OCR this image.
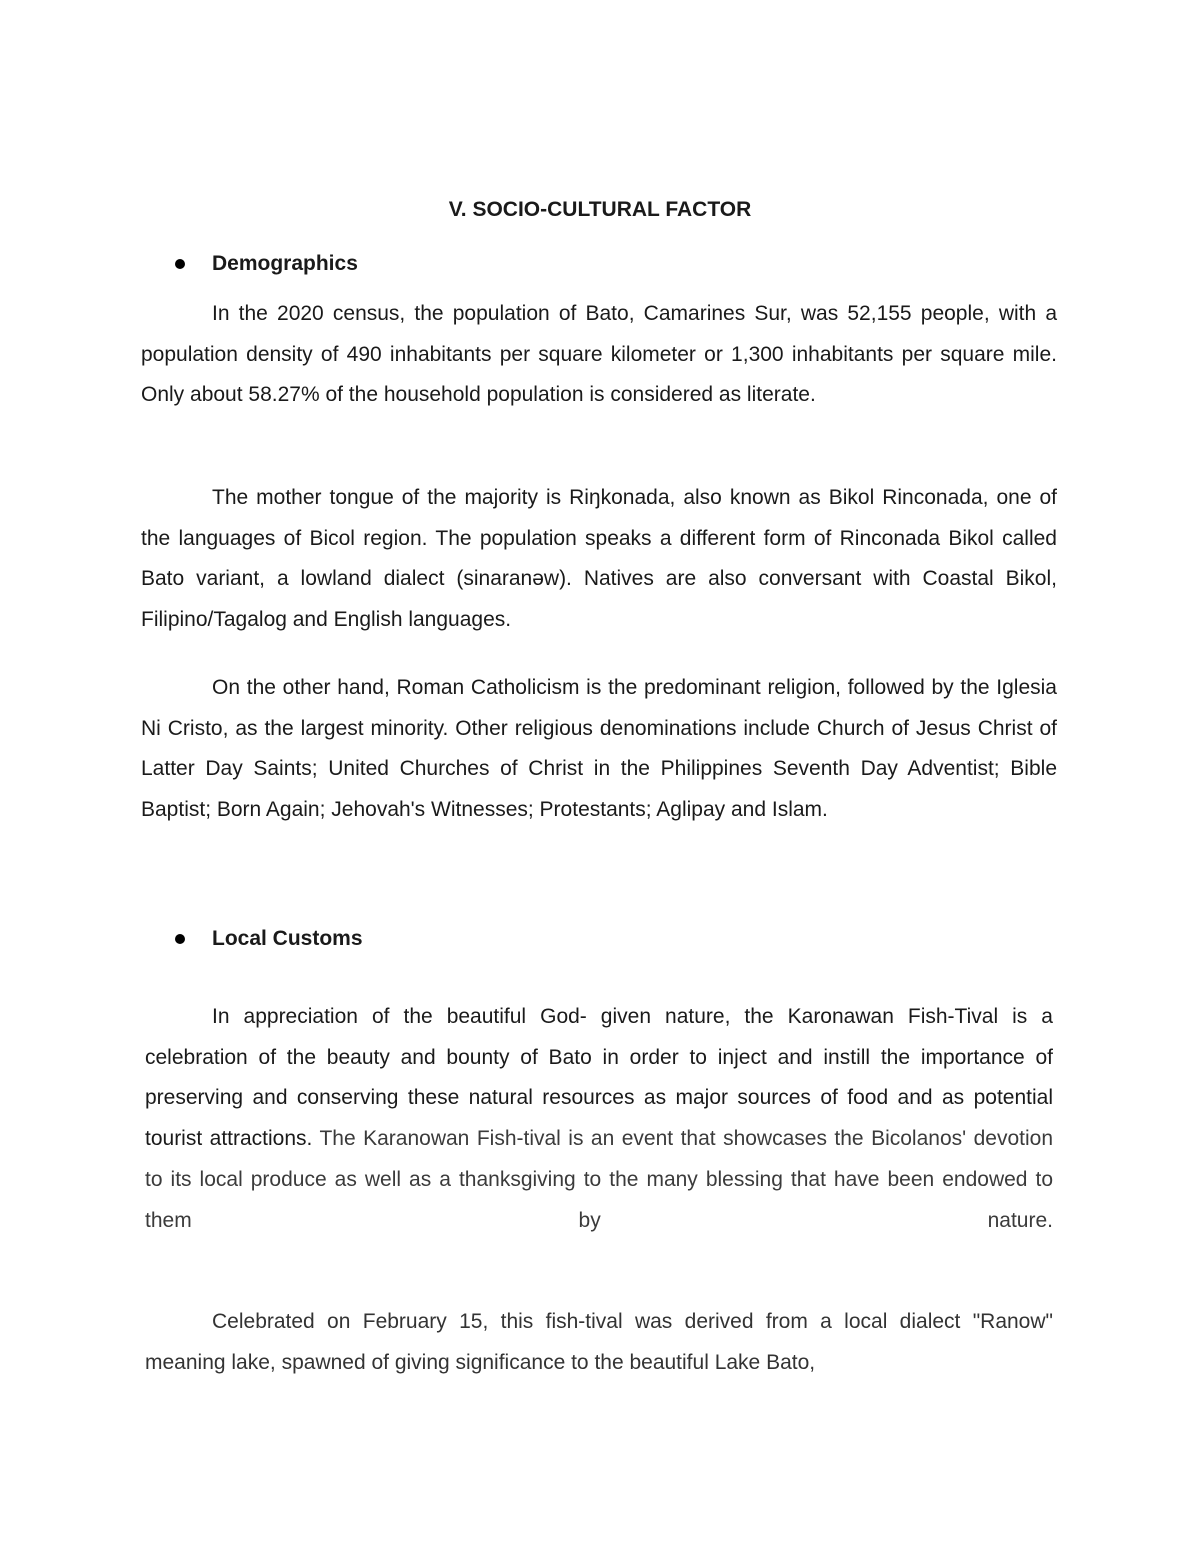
V. SOCIO-CULTURAL FACTOR
Demographics

In the 2020 census, the population of Bato, Camarines Sur, was 52,155 people, with a population density of 490 inhabitants per square kilometer or 1,300 inhabitants per square mile. Only about 58.27% of the household population is considered as literate.

The mother tongue of the majority is Riŋkonada, also known as Bikol Rinconada, one of the languages of Bicol region. The population speaks a different form of Rinconada Bikol called Bato variant, a lowland dialect (sinaranəw). Natives are also conversant with Coastal Bikol, Filipino/Tagalog and English languages.

On the other hand, Roman Catholicism is the predominant religion, followed by the Iglesia Ni Cristo, as the largest minority. Other religious denominations include Church of Jesus Christ of Latter Day Saints; United Churches of Christ in the Philippines Seventh Day Adventist; Bible Baptist; Born Again; Jehovah's Witnesses; Protestants; Aglipay and Islam.

Local Customs

In appreciation of the beautiful God- given nature, the Karonawan Fish-Tival is a celebration of the beauty and bounty of Bato in order to inject and instill the importance of preserving and conserving these natural resources as major sources of food and as potential tourist attractions. The Karanowan Fish-tival is an event that showcases the Bicolanos' devotion to its local produce as well as a thanksgiving to the many blessing that have been endowed to them by nature.

Celebrated on February 15, this fish-tival was derived from a local dialect "Ranow" meaning lake, spawned of giving significance to the beautiful Lake Bato,
